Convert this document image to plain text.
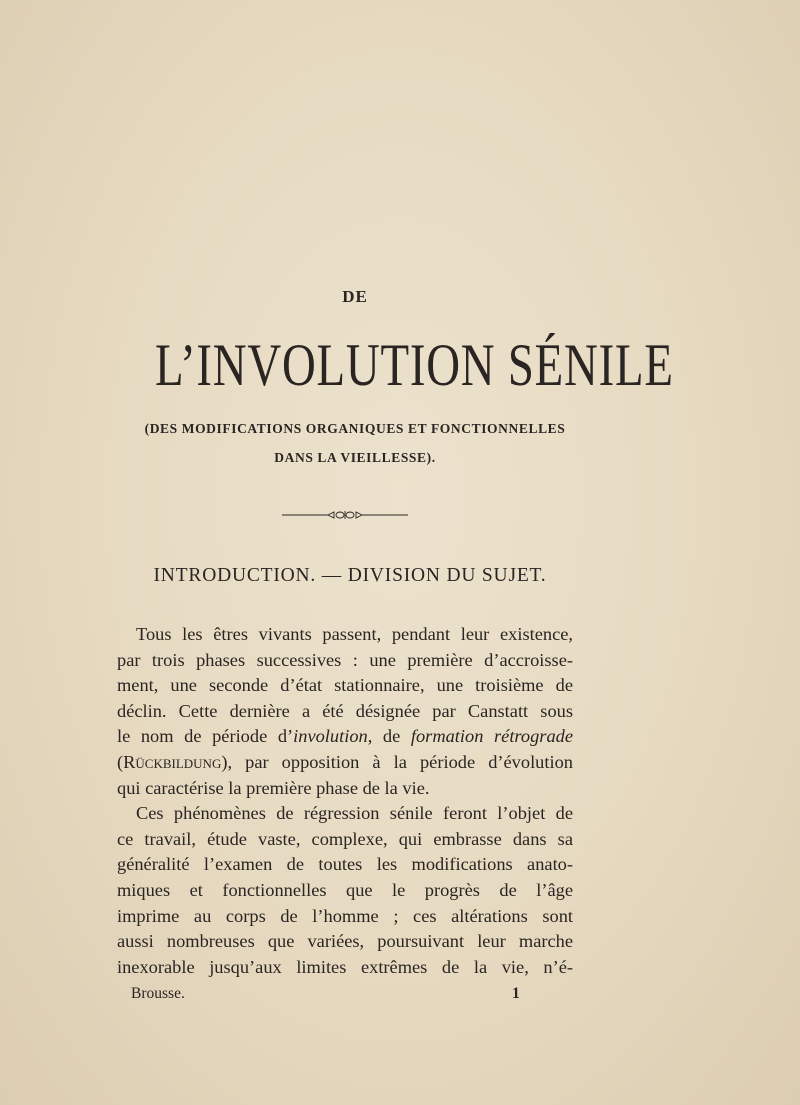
DE
L’INVOLUTION SÉNILE
(DES MODIFICATIONS ORGANIQUES ET FONCTIONNELLES
DANS LA VIEILLESSE).
INTRODUCTION. — DIVISION DU SUJET.
Tous les êtres vivants passent, pendant leur existence,
par trois phases successives : une première d’accroisse-
ment, une seconde d’état stationnaire, une troisième de
déclin. Cette dernière a été désignée par Canstatt sous
le nom de période d’involution, de formation rétrograde
(Rückbildung), par opposition à la période d’évolution
qui caractérise la première phase de la vie.
Ces phénomènes de régression sénile feront l’objet de
ce travail, étude vaste, complexe, qui embrasse dans sa
généralité l’examen de toutes les modifications anato-
miques et fonctionnelles que le progrès de l’âge
imprime au corps de l’homme ; ces altérations sont
aussi nombreuses que variées, poursuivant leur marche
inexorable jusqu’aux limites extrêmes de la vie, n’é-
Brousse.	1
